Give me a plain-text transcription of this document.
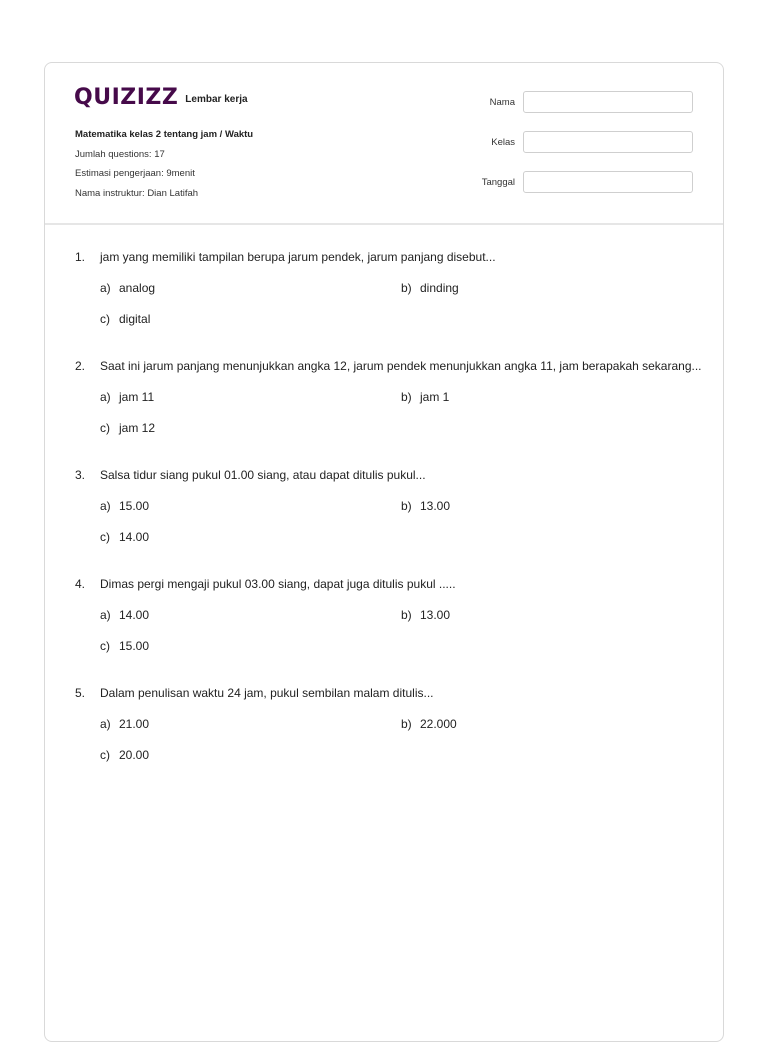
QUIZIZZ Lembar kerja
Matematika kelas 2 tentang jam / Waktu
Jumlah questions: 17
Estimasi pengerjaan: 9menit
Nama instruktur: Dian Latifah
Nama
Kelas
Tanggal
1.	jam yang memiliki tampilan berupa jarum pendek, jarum panjang disebut...
a) analog	b) dinding
c) digital
2.	Saat ini jarum panjang menunjukkan angka 12, jarum pendek menunjukkan angka 11, jam berapakah sekarang...
a) jam 11	b) jam 1
c) jam 12
3.	Salsa tidur siang pukul 01.00 siang, atau dapat ditulis pukul...
a) 15.00	b) 13.00
c) 14.00
4.	Dimas pergi mengaji pukul 03.00 siang, dapat juga ditulis pukul .....
a) 14.00	b) 13.00
c) 15.00
5.	Dalam penulisan waktu 24 jam, pukul sembilan malam ditulis...
a) 21.00	b) 22.000
c) 20.00
